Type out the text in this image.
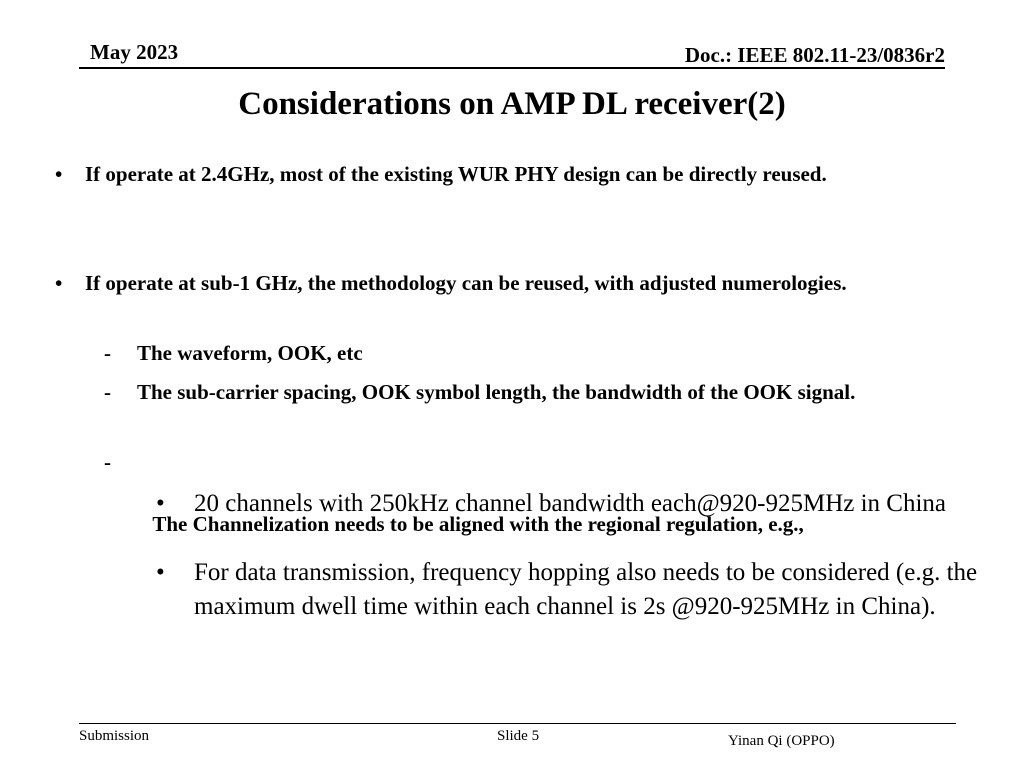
May 2023	Doc.: IEEE 802.11-23/0836r2
Considerations on AMP DL receiver(2)
• If operate at 2.4GHz, most of the existing WUR PHY design can be directly reused.
• If operate at sub-1 GHz, the methodology can be reused, with adjusted numerologies.
- The waveform, OOK, etc
- The sub-carrier spacing, OOK symbol length, the bandwidth of the OOK signal.

-

The Channelization needs to be aligned with the regional regulation, e.g.,

• 20 channels with 250kHz channel bandwidth each@920-925MHz in China
• For data transmission, frequency hopping also needs to be considered (e.g. the maximum dwell time within each channel is 2s @920-925MHz in China).
Submission	Slide 5	Yinan Qi (OPPO)
